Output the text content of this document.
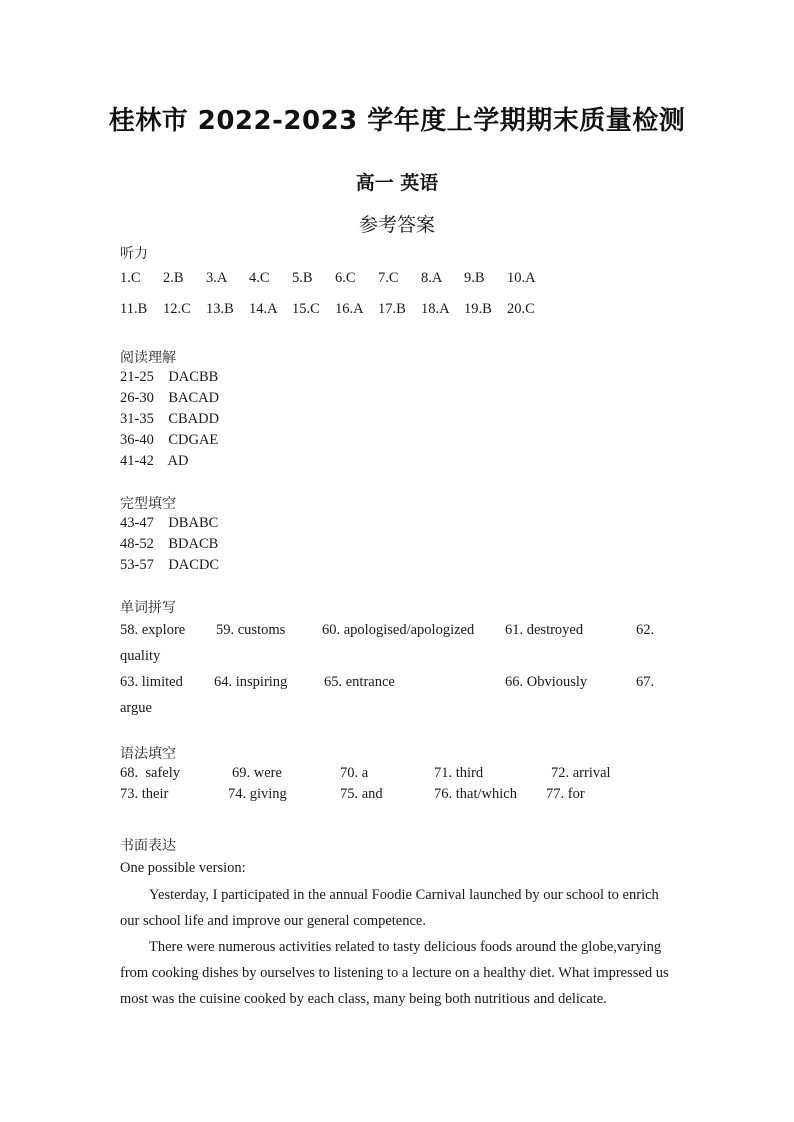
桂林市 2022-2023 学年度上学期期末质量检测
高一 英语
参考答案
听力
1.C 2.B 3.A 4.C 5.B 6.C 7.C 8.A 9.B 10.A
11.B 12.C 13.B 14.A 15.C 16.A 17.B 18.A 19.B 20.C
阅读理解
21-25    DACBB
26-30    BACAD
31-35    CBADD
36-40    CDGAE
41-42    AD
完型填空
43-47    DBABC
48-52    BDACB
53-57    DACDC
单词拼写
58. explore 59. customs	60. apologised/apologized 61. destroyed	62.
quality
63. limited 64. inspiring	65. entrance	66. Obviously	67.
argue
语法填空
68.  safely	69. were	70. a	71. third	72. arrival
73. their	74. giving	75. and	76. that/which 77. for
书面表达
One possible version:
Yesterday, I participated in the annual Foodie Carnival launched by our school to enrich our school life and improve our general competence.
There were numerous activities related to tasty delicious foods around the globe,varying from cooking dishes by ourselves to listening to a lecture on a healthy diet. What impressed us most was the cuisine cooked by each class, many being both nutritious and delicate.
